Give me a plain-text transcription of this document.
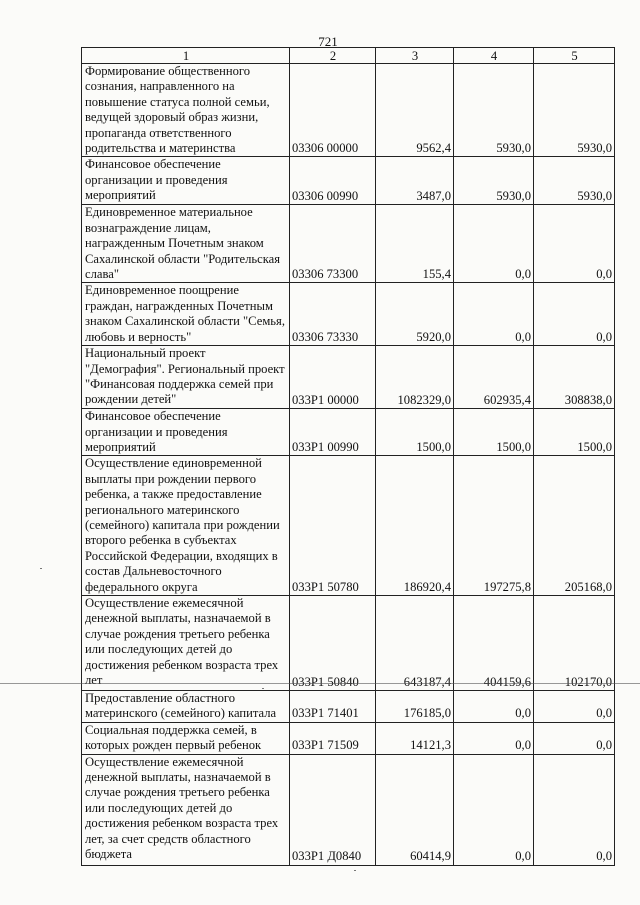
721
1	2	3	4	5
Формирование общественного сознания, направленного на повышение статуса полной семьи, ведущей здоровый образ жизни, пропаганда ответственного родительства и материнства	03306 00000	9562,4	5930,0	5930,0
Финансовое обеспечение организации и проведения мероприятий	03306 00990	3487,0	5930,0	5930,0
Единовременное материальное вознаграждение лицам, награжденным Почетным знаком Сахалинской области "Родительская слава"	03306 73300	155,4	0,0	0,0
Единовременное поощрение граждан, награжденных Почетным знаком Сахалинской области "Семья, любовь и верность"	03306 73330	5920,0	0,0	0,0
Национальный проект "Демография". Региональный проект "Финансовая поддержка семей при рождении детей"	033P1 00000	1082329,0	602935,4	308838,0
Финансовое обеспечение организации и проведения мероприятий	033P1 00990	1500,0	1500,0	1500,0
Осуществление единовременной выплаты при рождении первого ребенка, а также предоставление регионального материнского (семейного) капитала при рождении второго ребенка в субъектах Российской Федерации, входящих в состав Дальневосточного федерального округа	033P1 50780	186920,4	197275,8	205168,0
Осуществление ежемесячной денежной выплаты, назначаемой в случае рождения третьего ребенка или последующих детей до достижения ребенком возраста трех лет	033P1 50840	643187,4	404159,6	102170,0
Предоставление областного материнского (семейного) капитала	033P1 71401	176185,0	0,0	0,0
Социальная поддержка семей, в которых рожден первый ребенок	033P1 71509	14121,3	0,0	0,0
Осуществление ежемесячной денежной выплаты, назначаемой в случае рождения третьего ребенка или последующих детей до достижения ребенком возраста трех лет, за счет средств областного бюджета	033P1 Д0840	60414,9	0,0	0,0
